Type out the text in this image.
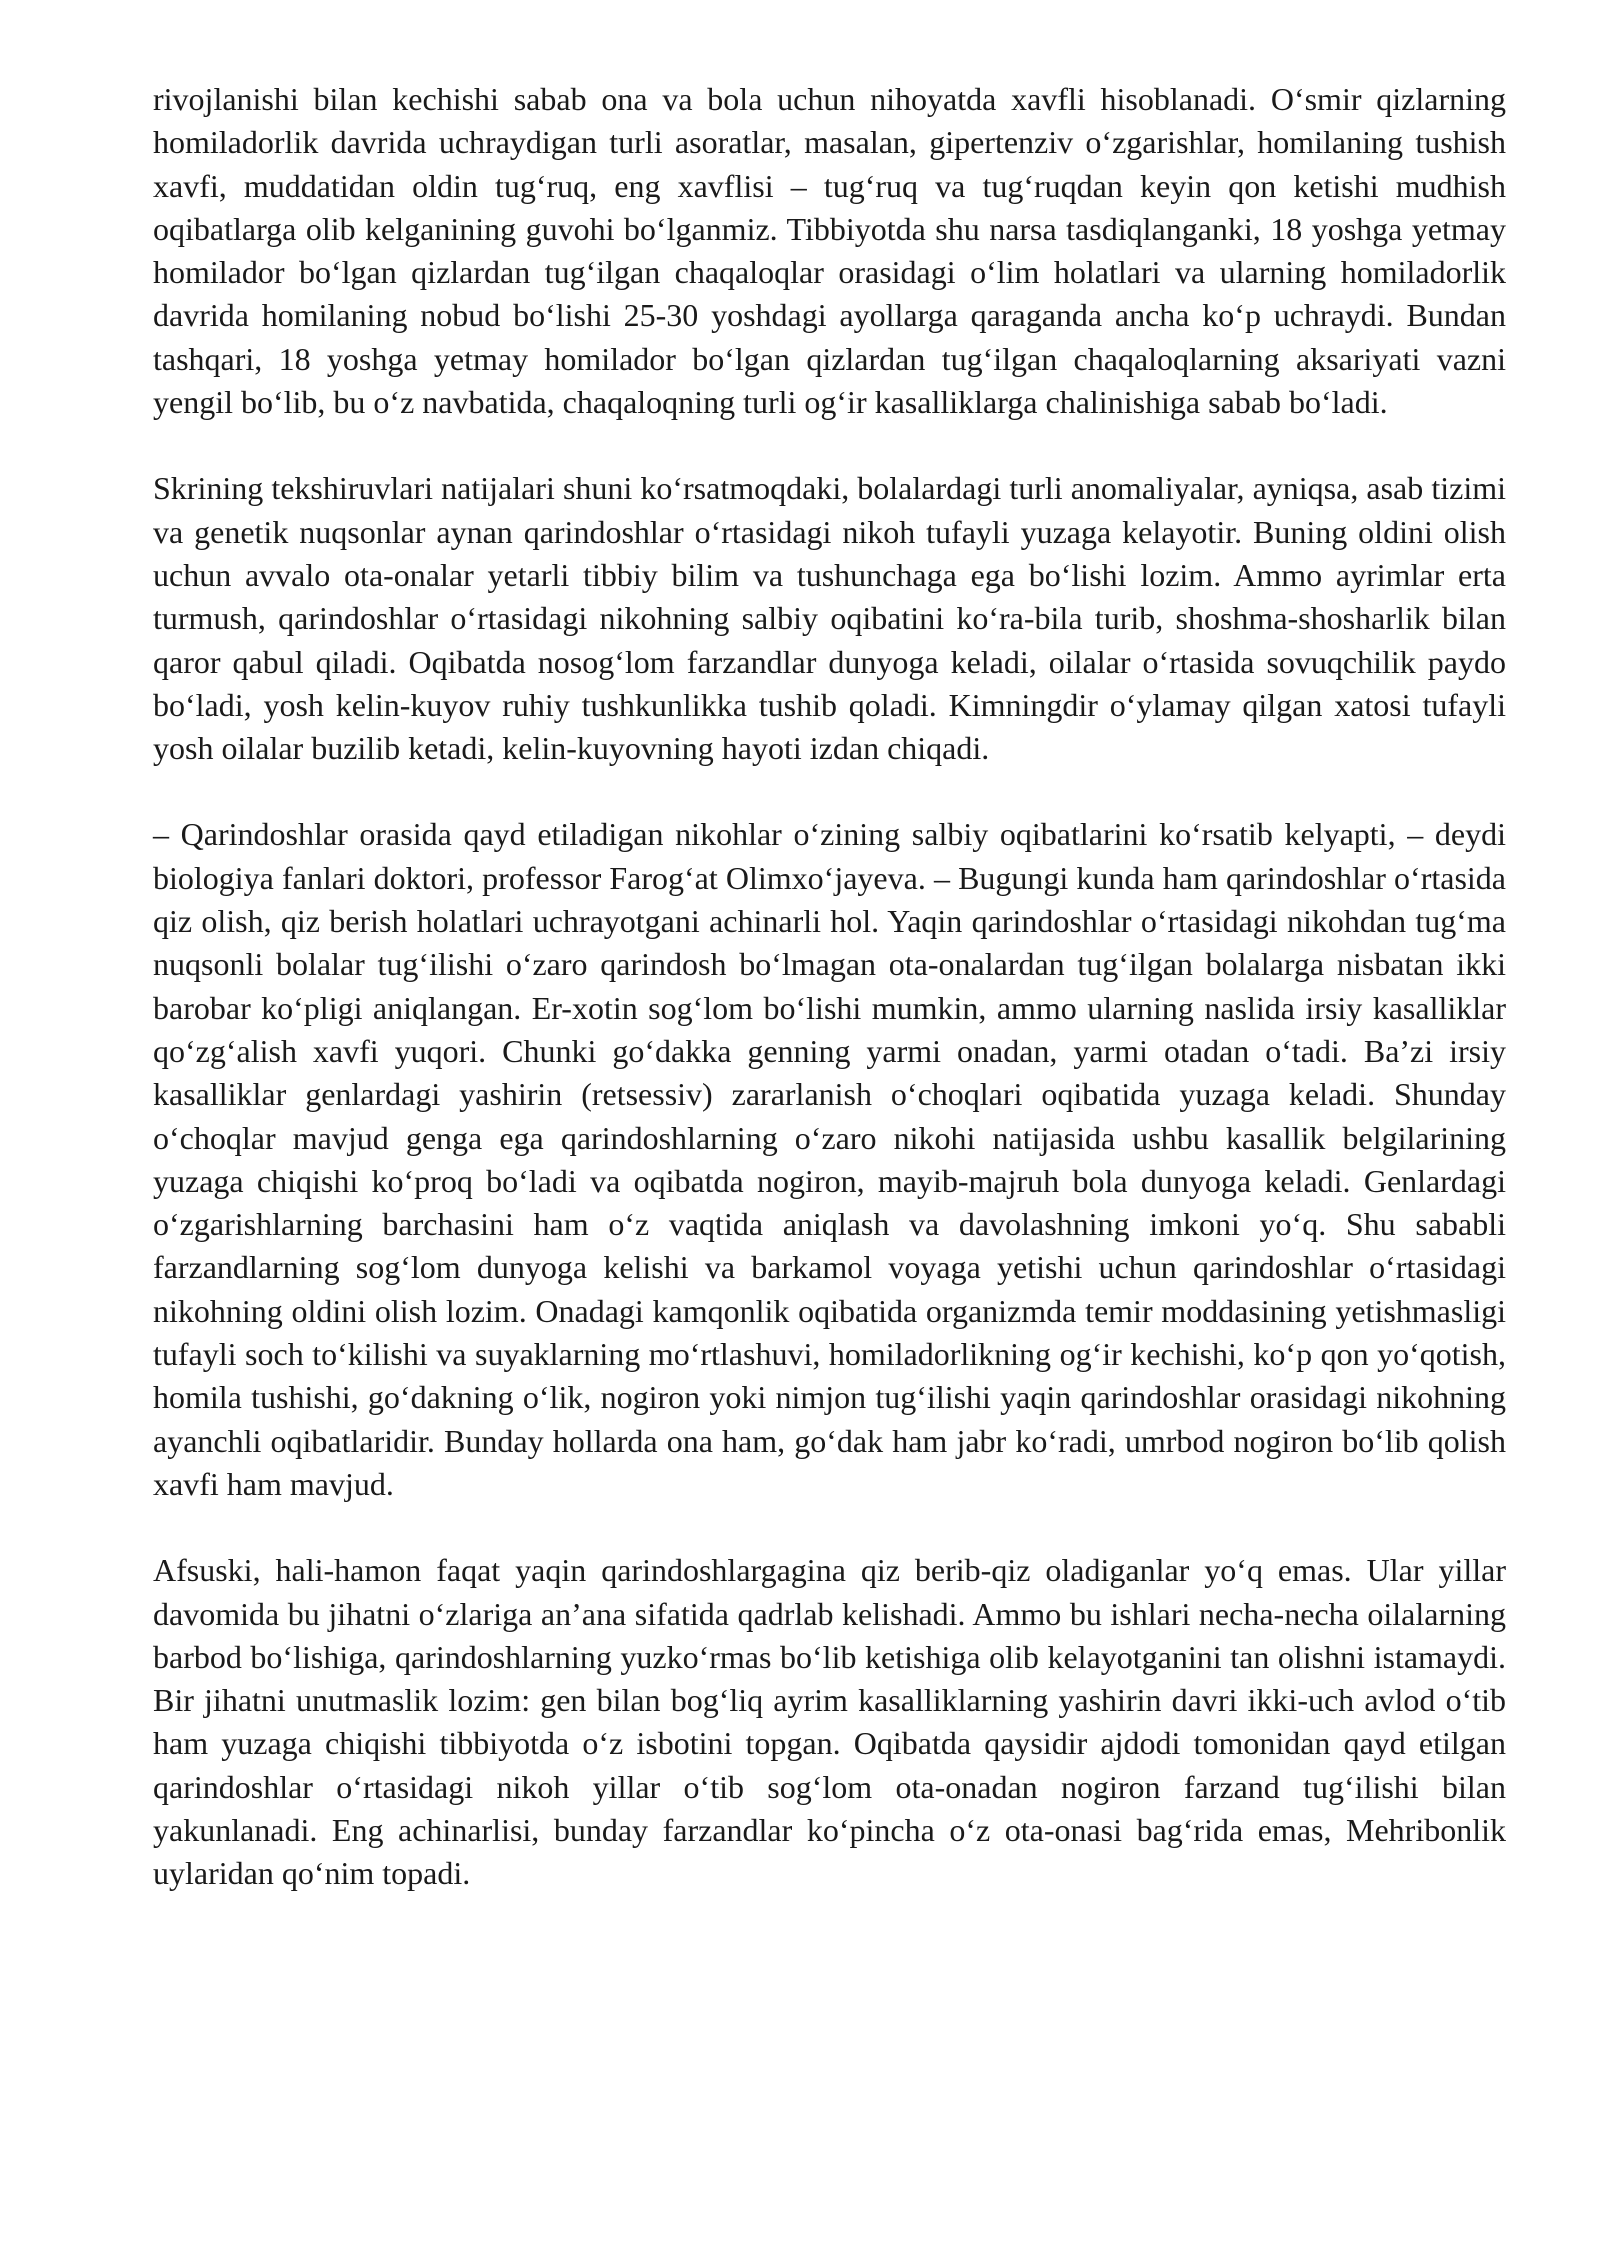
rivojlanishi bilan kechishi sabab ona va bola uchun nihoyatda xavfli hisoblanadi. O‘smir qizlarning homiladorlik davrida uchraydigan turli asoratlar, masalan, gipertenziv o‘zgarishlar, homilaning tushish xavfi, muddatidan oldin tug‘ruq, eng xavflisi – tug‘ruq va tug‘ruqdan keyin qon ketishi mudhish oqibatlarga olib kelganining guvohi bo‘lganmiz. Tibbiyotda shu narsa tasdiqlanganki, 18 yoshga yetmay homilador bo‘lgan qizlardan tug‘ilgan chaqaloqlar orasidagi o‘lim holatlari va ularning homiladorlik davrida homilaning nobud bo‘lishi 25-30 yoshdagi ayollarga qaraganda ancha ko‘p uchraydi. Bundan tashqari, 18 yoshga yetmay homilador bo‘lgan qizlardan tug‘ilgan chaqaloqlarning aksariyati vazni yengil bo‘lib, bu o‘z navbatida, chaqaloqning turli og‘ir kasalliklarga chalinishiga sabab bo‘ladi.

Skrining tekshiruvlari natijalari shuni ko‘rsatmoqdaki, bolalardagi turli anomaliyalar, ayniqsa, asab tizimi va genetik nuqsonlar aynan qarindoshlar o‘rtasidagi nikoh tufayli yuzaga kelayotir. Buning oldini olish uchun avvalo ota-onalar yetarli tibbiy bilim va tushunchaga ega bo‘lishi lozim. Ammo ayrimlar erta turmush, qarindoshlar o‘rtasidagi nikohning salbiy oqibatini ko‘ra-bila turib, shoshma-shosharlik bilan qaror qabul qiladi. Oqibatda nosog‘lom farzandlar dunyoga keladi, oilalar o‘rtasida sovuqchilik paydo bo‘ladi, yosh kelin-kuyov ruhiy tushkunlikka tushib qoladi. Kimningdir o‘ylamay qilgan xatosi tufayli yosh oilalar buzilib ketadi, kelin-kuyovning hayoti izdan chiqadi.

– Qarindoshlar orasida qayd etiladigan nikohlar o‘zining salbiy oqibatlarini ko‘rsatib kelyapti, – deydi biologiya fanlari doktori, professor Farog‘at Olimxo‘jayeva. – Bugungi kunda ham qarindoshlar o‘rtasida qiz olish, qiz berish holatlari uchrayotgani achinarli hol. Yaqin qarindoshlar o‘rtasidagi nikohdan tug‘ma nuqsonli bolalar tug‘ilishi o‘zaro qarindosh bo‘lmagan ota-onalardan tug‘ilgan bolalarga nisbatan ikki barobar ko‘pligi aniqlangan. Er-xotin sog‘lom bo‘lishi mumkin, ammo ularning naslida irsiy kasalliklar qo‘zg‘alish xavfi yuqori. Chunki go‘dakka genning yarmi onadan, yarmi otadan o‘tadi. Ba’zi irsiy kasalliklar genlardagi yashirin (retsessiv) zararlanish o‘choqlari oqibatida yuzaga keladi. Shunday o‘choqlar mavjud genga ega qarindoshlarning o‘zaro nikohi natijasida ushbu kasallik belgilarining yuzaga chiqishi ko‘proq bo‘ladi va oqibatda nogiron, mayib-majruh bola dunyoga keladi. Genlardagi o‘zgarishlarning barchasini ham o‘z vaqtida aniqlash va davolashning imkoni yo‘q. Shu sababli farzandlarning sog‘lom dunyoga kelishi va barkamol voyaga yetishi uchun qarindoshlar o‘rtasidagi nikohning oldini olish lozim. Onadagi kamqonlik oqibatida organizmda temir moddasining yetishmasligi tufayli soch to‘kilishi va suyaklarning mo‘rtlashuvi, homiladorlikning og‘ir kechishi, ko‘p qon yo‘qotish, homila tushishi, go‘dakning o‘lik, nogiron yoki nimjon tug‘ilishi yaqin qarindoshlar orasidagi nikohning ayanchli oqibatlaridir. Bunday hollarda ona ham, go‘dak ham jabr ko‘radi, umrbod nogiron bo‘lib qolish xavfi ham mavjud.

Afsuski, hali-hamon faqat yaqin qarindoshlargagina qiz berib-qiz oladiganlar yo‘q emas. Ular yillar davomida bu jihatni o‘zlariga an’ana sifatida qadrlab kelishadi. Ammo bu ishlari necha-necha oilalarning barbod bo‘lishiga, qarindoshlarning yuzko‘rmas bo‘lib ketishiga olib kelayotganini tan olishni istamaydi. Bir jihatni unutmaslik lozim: gen bilan bog‘liq ayrim kasalliklarning yashirin davri ikki-uch avlod o‘tib ham yuzaga chiqishi tibbiyotda o‘z isbotini topgan. Oqibatda qaysidir ajdodi tomonidan qayd etilgan qarindoshlar o‘rtasidagi nikoh yillar o‘tib sog‘lom ota-onadan nogiron farzand tug‘ilishi bilan yakunlanadi. Eng achinarlisi, bunday farzandlar ko‘pincha o‘z ota-onasi bag‘rida emas, Mehribonlik uylaridan qo‘nim topadi.
